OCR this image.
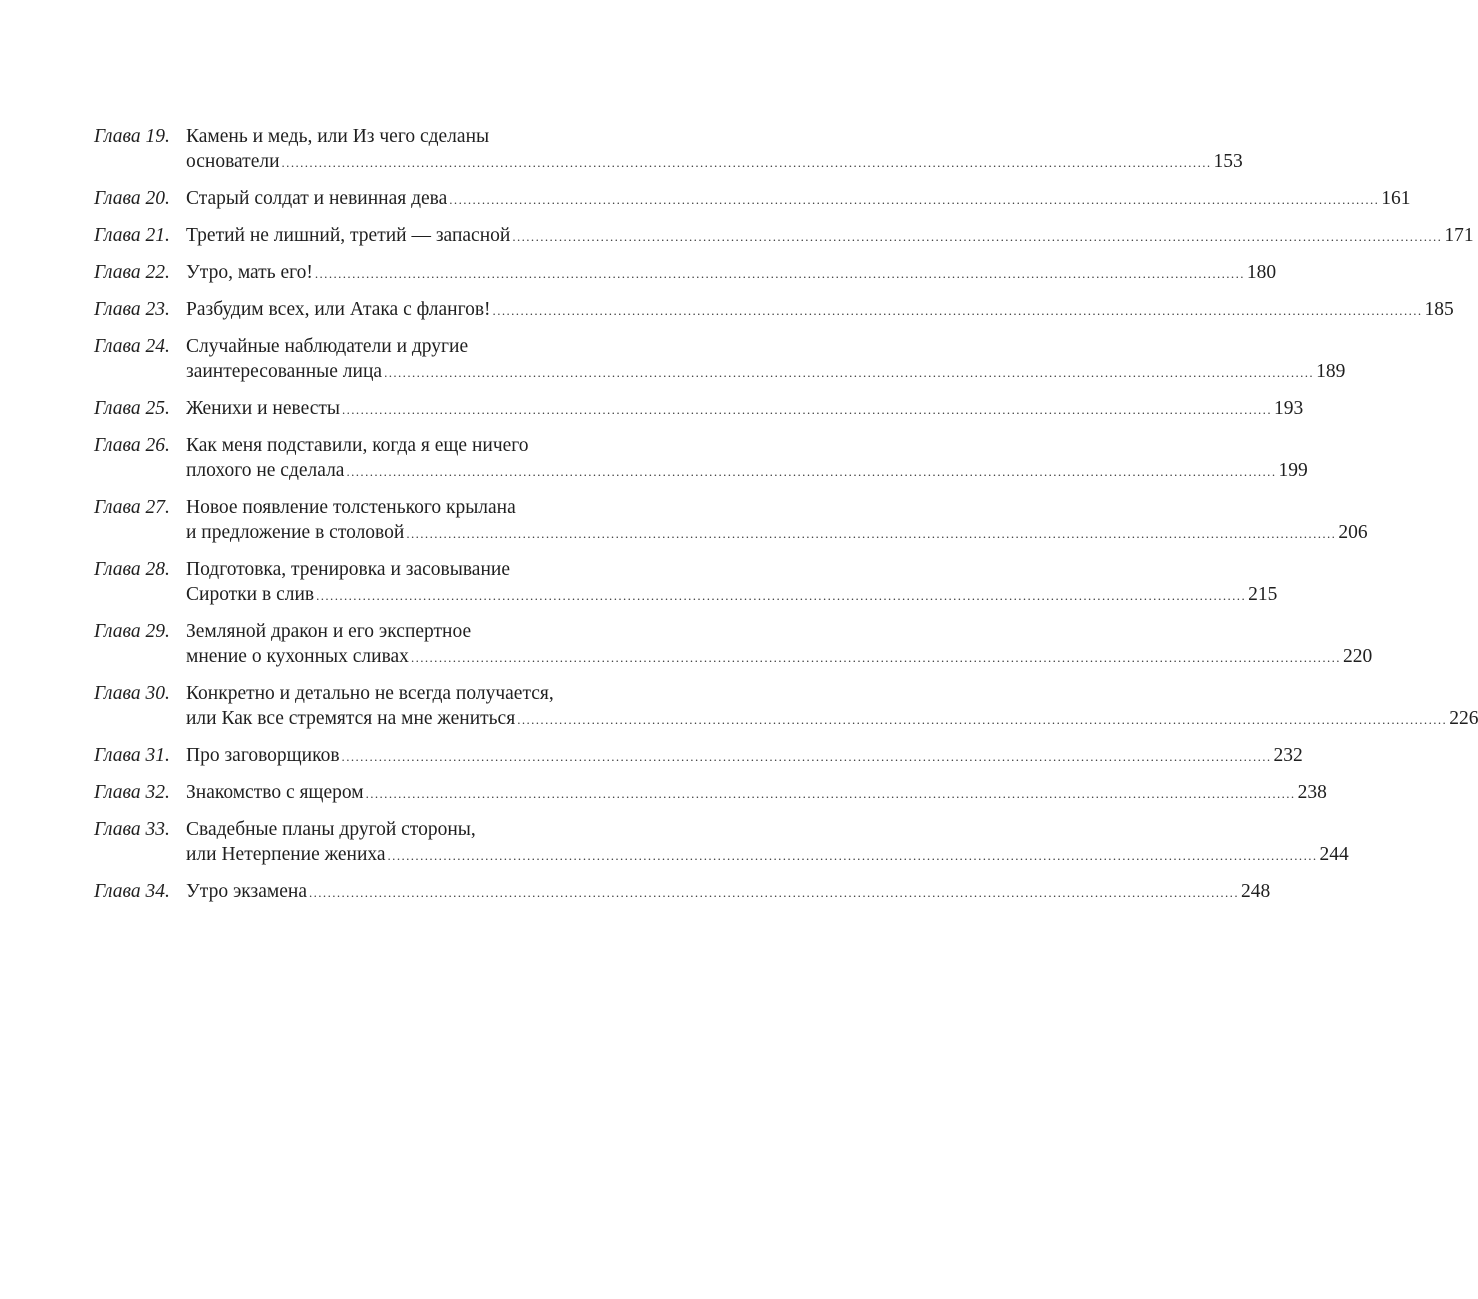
Глава 19. Камень и медь, или Из чего сделаны
основатели ........................................................................................................................................................................................................ 153
Глава 20. Старый солдат и невинная дева ........................................................................................................................................................................................................ 161
Глава 21. Третий не лишний, третий — запасной ........................................................................................................................................................................................................ 171
Глава 22. Утро, мать его! ........................................................................................................................................................................................................ 180
Глава 23. Разбудим всех, или Атака с флангов! ........................................................................................................................................................................................................ 185
Глава 24. Случайные наблюдатели и другие
заинтересованные лица ........................................................................................................................................................................................................ 189
Глава 25. Женихи и невесты ........................................................................................................................................................................................................ 193
Глава 26. Как меня подставили, когда я еще ничего
плохого не сделала ........................................................................................................................................................................................................ 199
Глава 27. Новое появление толстенького крылана
и предложение в столовой ........................................................................................................................................................................................................ 206
Глава 28. Подготовка, тренировка и засовывание
Сиротки в слив ........................................................................................................................................................................................................ 215
Глава 29. Земляной дракон и его экспертное
мнение о кухонных сливах ........................................................................................................................................................................................................ 220
Глава 30. Конкретно и детально не всегда получается,
или Как все стремятся на мне жениться ........................................................................................................................................................................................................ 226
Глава 31. Про заговорщиков ........................................................................................................................................................................................................ 232
Глава 32. Знакомство с ящером ........................................................................................................................................................................................................ 238
Глава 33. Свадебные планы другой стороны,
или Нетерпение жениха ........................................................................................................................................................................................................ 244
Глава 34. Утро экзамена ........................................................................................................................................................................................................ 248
